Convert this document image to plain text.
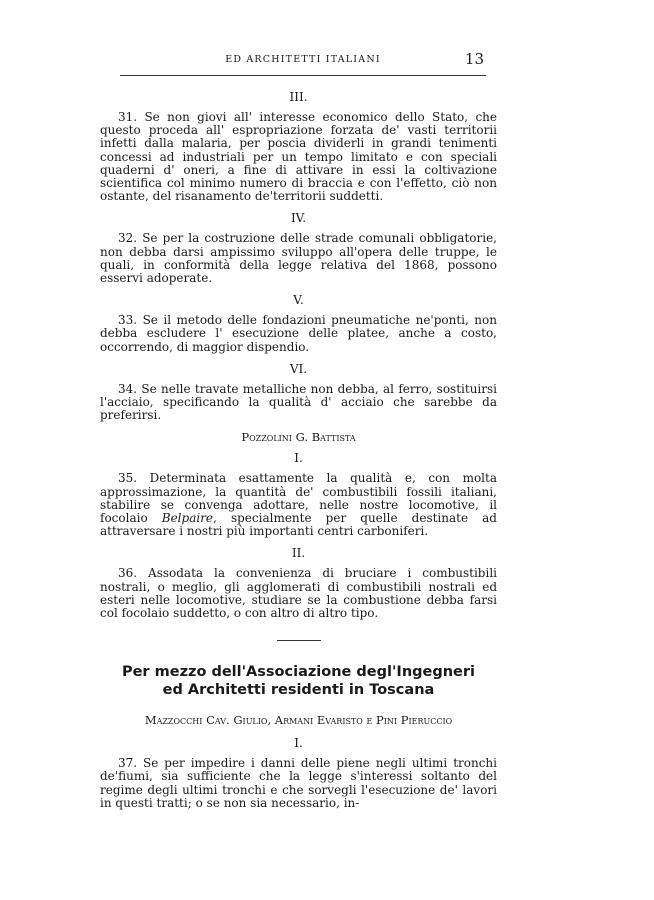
ED ARCHITETTI ITALIANI	13
III.

31. Se non giovi all' interesse economico dello Stato, che questo proceda all' espropriazione forzata de' vasti territorii infetti dalla malaria, per poscia dividerli in grandi tenimenti concessi ad industriali per un tempo limitato e con speciali quaderni d' oneri, a fine di attivare in essi la coltivazione scientifica col minimo numero di braccia e con l'effetto, ciò non ostante, del risanamento de'territorii suddetti.

IV.

32. Se per la costruzione delle strade comunali obbligatorie, non debba darsi ampissimo sviluppo all'opera delle truppe, le quali, in conformità della legge relativa del 1868, possono esservi adoperate.

V.

33. Se il metodo delle fondazioni pneumatiche ne'ponti, non debba escludere l' esecuzione delle platee, anche a costo, occorrendo, di maggior dispendio.

VI.

34. Se nelle travate metalliche non debba, al ferro, sostituirsi l'acciaio, specificando la qualità d' acciaio che sarebbe da preferirsi.

Pozzolini G. Battista
I.

35. Determinata esattamente la qualità e, con molta approssimazione, la quantità de' combustibili fossili italiani, stabilire se convenga adottare, nelle nostre locomotive, il focolaio Belpaire, specialmente per quelle destinate ad attraversare i nostri più importanti centri carboniferi.

II.

36. Assodata la convenienza di bruciare i combustibili nostrali, o meglio, gli agglomerati di combustibili nostrali ed esteri nelle locomotive, studiare se la combustione debba farsi col focolaio suddetto, o con altro di altro tipo.

Per mezzo dell'Associazione degl'Ingegneri
ed Architetti residenti in Toscana
Mazzocchi Cav. Giulio, Armani Evaristo e Pini Pieruccio
I.

37. Se per impedire i danni delle piene negli ultimi tronchi de'fiumi, sia sufficiente che la legge s'interessi soltanto del regime degli ultimi tronchi e che sorvegli l'esecuzione de' lavori in questi tratti; o se non sia necessario, in-
